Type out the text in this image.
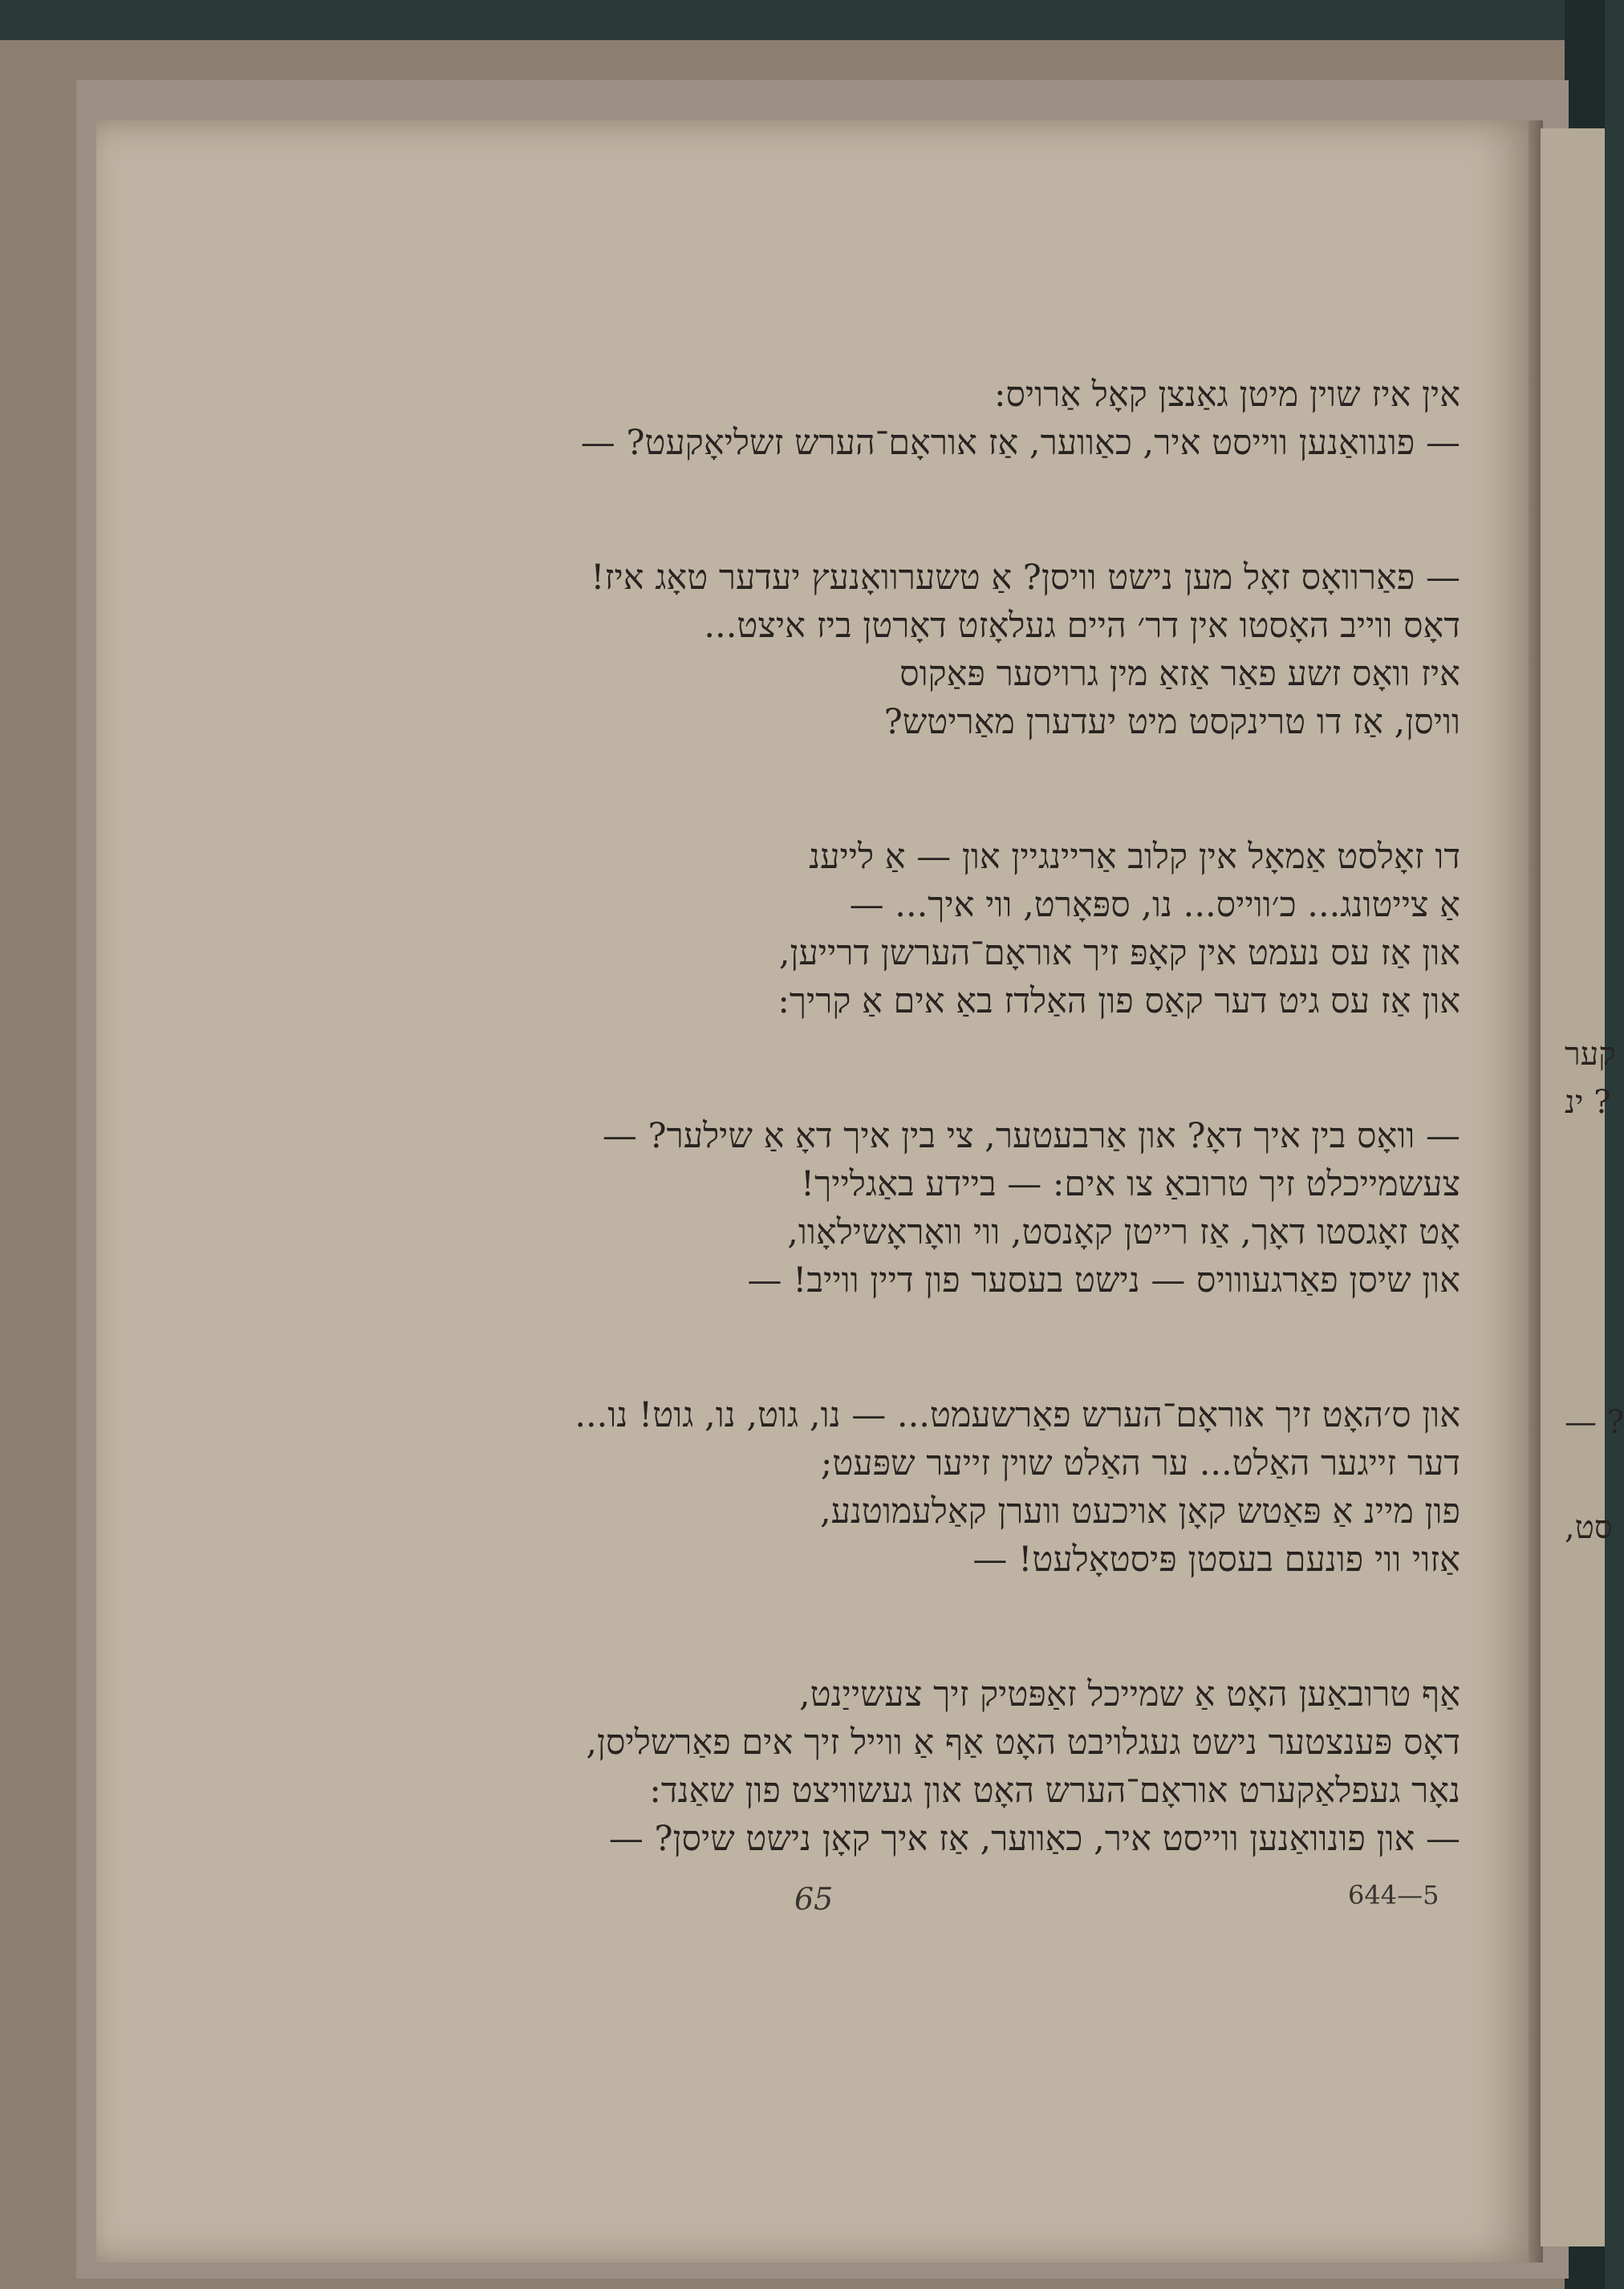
אין איז שוין מיטן גאַנצן קאָל אַרויס:
— פונוואַנען ווייסט איר, כאַווער, אַז אוראָם־הערש זשליאָקעט? —
— פאַרוואָס זאָל מען נישט וויסן? אַ טשערוואָנעץ יעדער טאָג איז!
דאָס ווייב האָסטו אין דר׳ היים געלאָזט דאָרטן ביז איצט...
איז וואָס זשע פאַר אַזאַ מין גרויסער פּאַקוס
וויסן, אַז דו טרינקסט מיט יעדערן מאַריטש?
דו זאָלסט אַמאָל אין קלוב אַריינגיין און — אַ לייענ
אַ צייטונג... כ׳ווייס... נו, ספּאָרט, ווי איך... —
און אַז עס נעמט אין קאָפּ זיך אוראָם־הערשן דרייען,
און אַז עס גיט דער קאַס פון האַלדז באַ אים אַ קריך:
— וואָס בין איך דאָ? און אַרבעטער, צי בין איך דאָ אַ שילער? —
צעשמייכלט זיך טרובאַ צו אים: — ביידע באַגלייך!
אָט זאָגסטו דאָך, אַז רייטן קאָנסט, ווי וואָראָשילאָוו,
און שיסן פאַרגעווויס — נישט בעסער פון דיין ווייב! —
און ס׳האָט זיך אוראָם־הערש פאַרשעמט... — נו, גוט, נו, גוט! נו...
דער זייגער האַלט... ער האַלט שוין זייער שפּעט;
פון מיינ אַ פּאַטש קאָן אויכעט ווערן קאַלעמוטנע,
אַזוי ווי פונעם בעסטן פּיסטאָלעט! —
אַף טרובאַען האָט אַ שמייכל זאַפּטיק זיך צעשייַנט,
דאָס פּענצטער נישט געגלויבט האָט אַף אַ ווייל זיך אים פאַרשליסן,
נאָר געפלאַקערט אוראָם־הערש האָט און געשוויצט פון שאַנד:
— און פונוואַנען ווייסט איר, כאַווער, אַז איך קאָן נישט שיסן? —
קער
? ינ
? —
סט,
65	644—5
